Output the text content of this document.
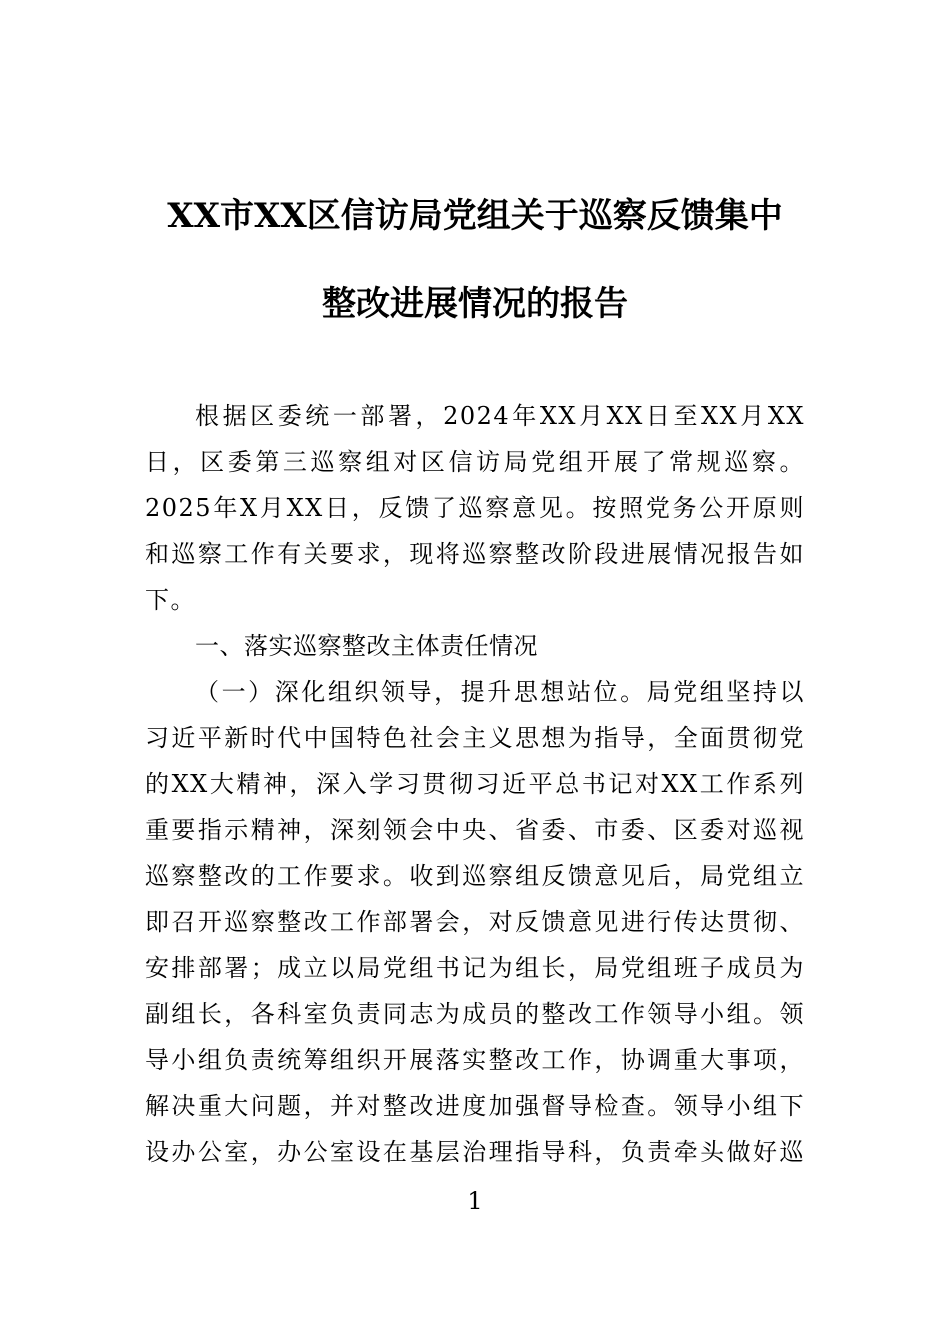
XX市XX区信访局党组关于巡察反馈集中
整改进展情况的报告
根据区委统一部署，2024年XX月XX日至XX月XX
日，区委第三巡察组对区信访局党组开展了常规巡察。
2025年X月XX日，反馈了巡察意见。按照党务公开原则
和巡察工作有关要求，现将巡察整改阶段进展情况报告如
下。
一、落实巡察整改主体责任情况
（一）深化组织领导，提升思想站位。局党组坚持以
习近平新时代中国特色社会主义思想为指导，全面贯彻党
的XX大精神，深入学习贯彻习近平总书记对XX工作系列
重要指示精神，深刻领会中央、省委、市委、区委对巡视
巡察整改的工作要求。收到巡察组反馈意见后，局党组立
即召开巡察整改工作部署会，对反馈意见进行传达贯彻、
安排部署；成立以局党组书记为组长，局党组班子成员为
副组长，各科室负责同志为成员的整改工作领导小组。领
导小组负责统筹组织开展落实整改工作，协调重大事项，
解决重大问题，并对整改进度加强督导检查。领导小组下
设办公室，办公室设在基层治理指导科，负责牵头做好巡
1
